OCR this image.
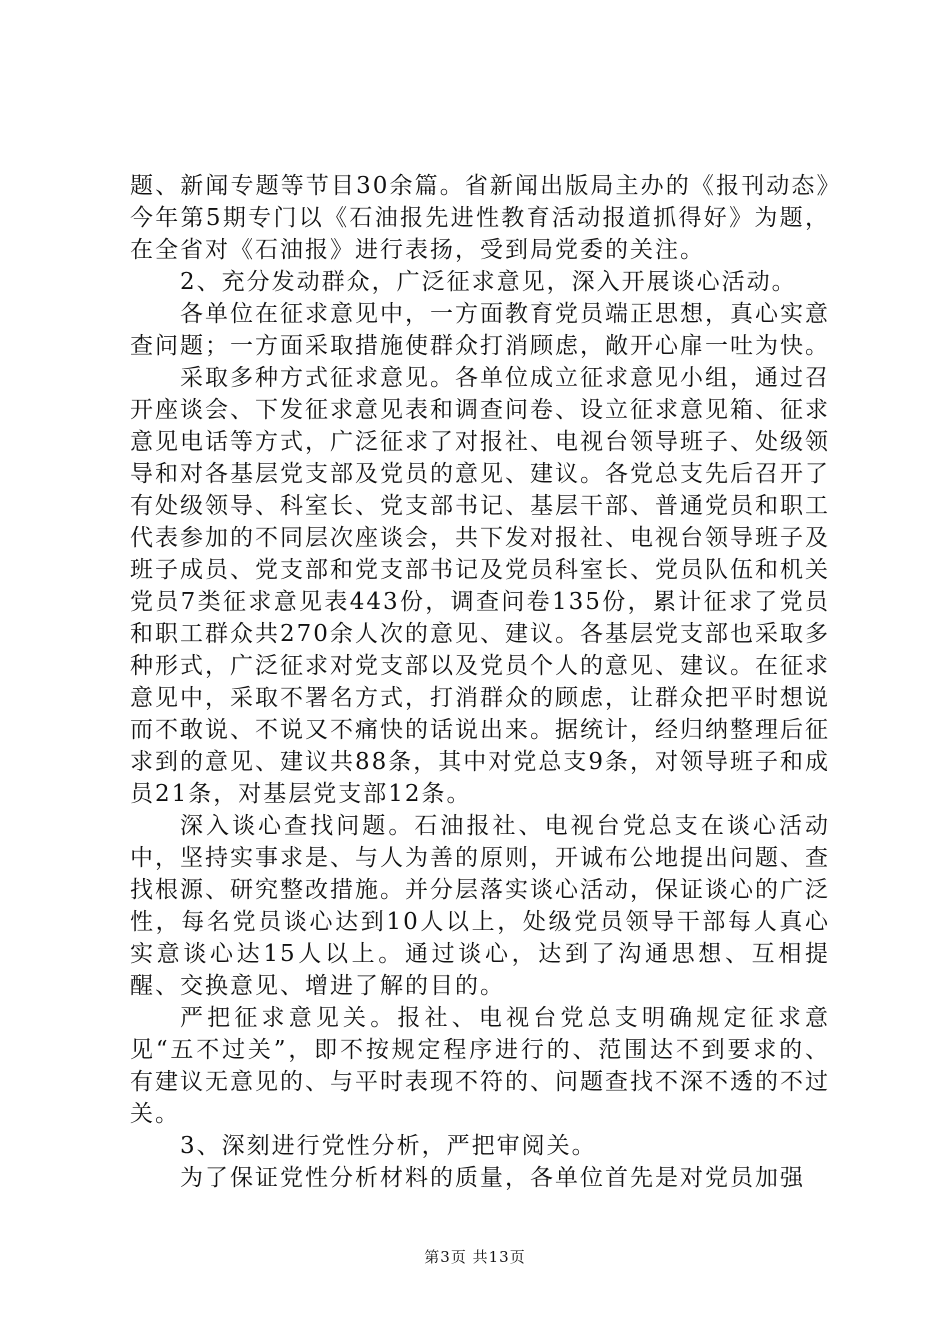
题、新闻专题等节目30余篇。省新闻出版局主办的《报刊动态》今年第5期专门以《石油报先进性教育活动报道抓得好》为题，在全省对《石油报》进行表扬，受到局党委的关注。

2、充分发动群众，广泛征求意见，深入开展谈心活动。

各单位在征求意见中，一方面教育党员端正思想，真心实意查问题；一方面采取措施使群众打消顾虑，敞开心扉一吐为快。

采取多种方式征求意见。各单位成立征求意见小组，通过召开座谈会、下发征求意见表和调查问卷、设立征求意见箱、征求意见电话等方式，广泛征求了对报社、电视台领导班子、处级领导和对各基层党支部及党员的意见、建议。各党总支先后召开了有处级领导、科室长、党支部书记、基层干部、普通党员和职工代表参加的不同层次座谈会，共下发对报社、电视台领导班子及班子成员、党支部和党支部书记及党员科室长、党员队伍和机关党员7类征求意见表443份，调查问卷135份，累计征求了党员和职工群众共270余人次的意见、建议。各基层党支部也采取多种形式，广泛征求对党支部以及党员个人的意见、建议。在征求意见中，采取不署名方式，打消群众的顾虑，让群众把平时想说而不敢说、不说又不痛快的话说出来。据统计，经归纳整理后征求到的意见、建议共88条，其中对党总支9条，对领导班子和成员21条，对基层党支部12条。

深入谈心查找问题。石油报社、电视台党总支在谈心活动中，坚持实事求是、与人为善的原则，开诚布公地提出问题、查找根源、研究整改措施。并分层落实谈心活动，保证谈心的广泛性，每名党员谈心达到10人以上，处级党员领导干部每人真心实意谈心达15人以上。通过谈心，达到了沟通思想、互相提醒、交换意见、增进了解的目的。

严把征求意见关。报社、电视台党总支明确规定征求意见“五不过关”，即不按规定程序进行的、范围达不到要求的、有建议无意见的、与平时表现不符的、问题查找不深不透的不过关。

3、深刻进行党性分析，严把审阅关。

为了保证党性分析材料的质量，各单位首先是对党员加强

第3页 共13页
